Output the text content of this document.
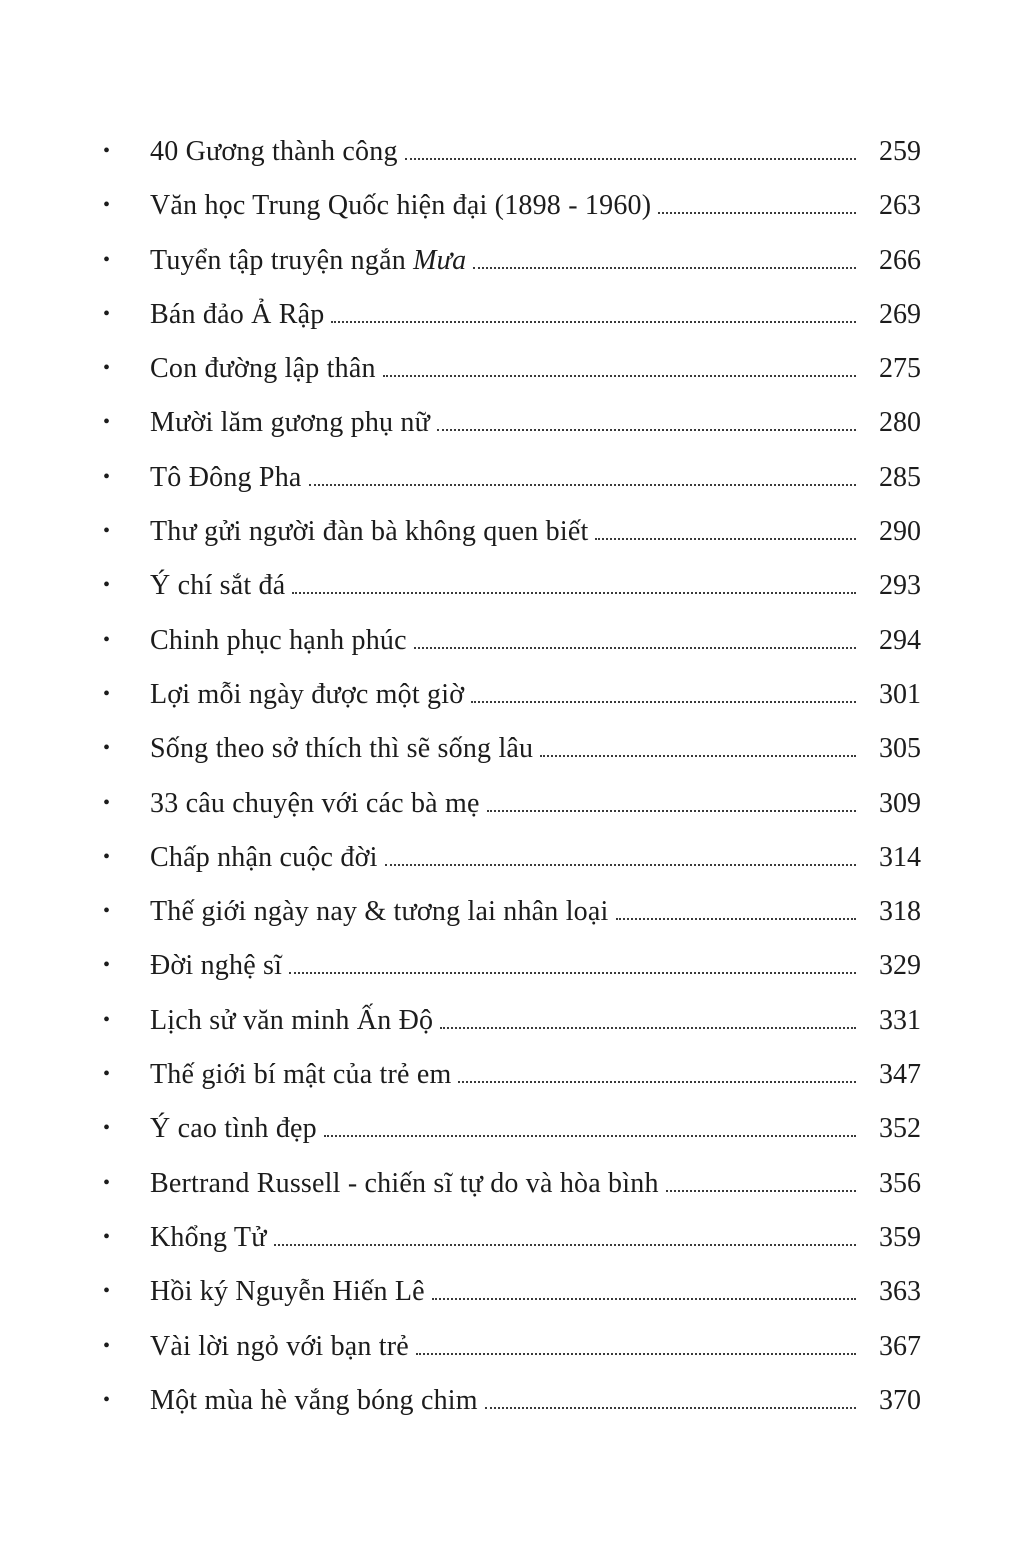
•	40 Gương thành công	259
•	Văn học Trung Quốc hiện đại (1898 - 1960)	263
•	Tuyển tập truyện ngắn Mưa	266
•	Bán đảo Ả Rập	269
•	Con đường lập thân	275
•	Mười lăm gương phụ nữ	280
•	Tô Đông Pha	285
•	Thư gửi người đàn bà không quen biết	290
•	Ý chí sắt đá	293
•	Chinh phục hạnh phúc	294
•	Lợi mỗi ngày được một giờ	301
•	Sống theo sở thích thì sẽ sống lâu	305
•	33 câu chuyện với các bà mẹ	309
•	Chấp nhận cuộc đời	314
•	Thế giới ngày nay & tương lai nhân loại	318
•	Đời nghệ sĩ	329
•	Lịch sử văn minh Ấn Độ	331
•	Thế giới bí mật của trẻ em	347
•	Ý cao tình đẹp	352
•	Bertrand Russell - chiến sĩ tự do và hòa bình	356
•	Khổng Tử	359
•	Hồi ký Nguyễn Hiến Lê	363
•	Vài lời ngỏ với bạn trẻ	367
•	Một mùa hè vắng bóng chim	370
